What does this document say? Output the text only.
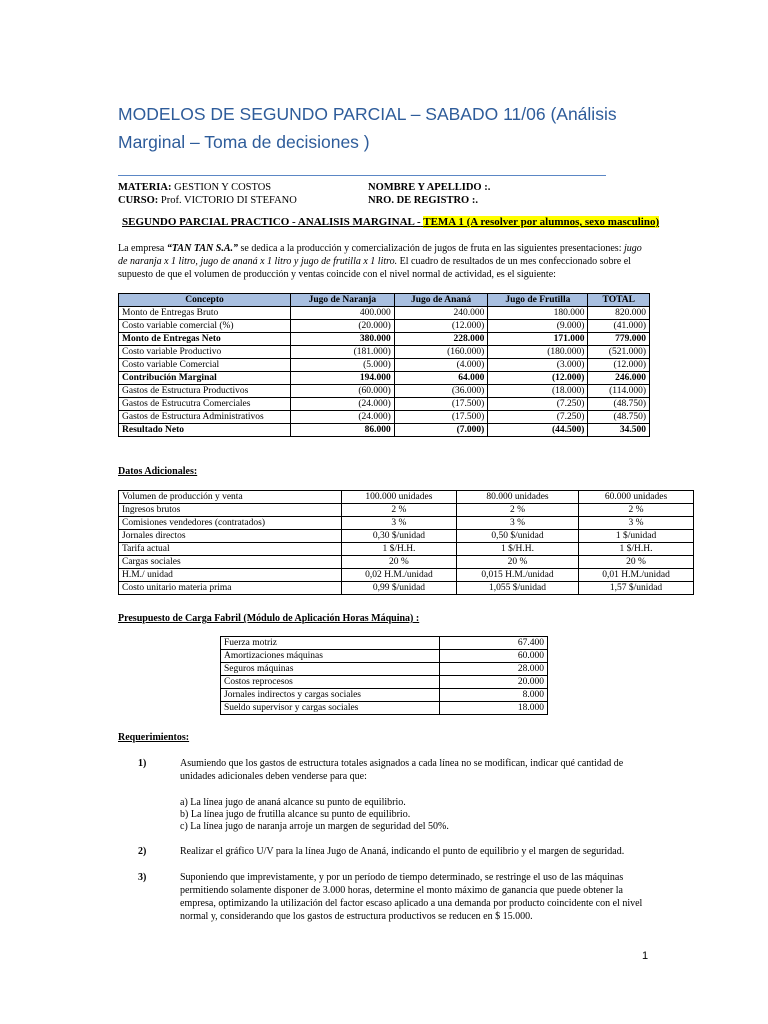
MODELOS DE SEGUNDO PARCIAL – SABADO 11/06 (Análisis Marginal – Toma de decisiones )
MATERIA: GESTION Y COSTOS
CURSO: Prof. VICTORIO DI STEFANO
NOMBRE Y APELLIDO :.
NRO. DE REGISTRO :.
SEGUNDO PARCIAL PRACTICO - ANALISIS MARGINAL - TEMA 1 (A resolver por alumnos, sexo masculino)
La empresa “TAN TAN S.A.” se dedica a la producción y comercialización de jugos de fruta en las siguientes presentaciones: jugo de naranja x 1 litro, jugo de ananá x 1 litro y jugo de frutilla x 1 litro. El cuadro de resultados de un mes confeccionado sobre el supuesto de que el volumen de producción y ventas coincide con el nivel normal de actividad, es el siguiente:
Concepto	Jugo de Naranja	Jugo de Ananá	Jugo de Frutilla	TOTAL
Monto de Entregas Bruto	400.000	240.000	180.000	820.000
Costo variable comercial (%)	(20.000)	(12.000)	(9.000)	(41.000)
Monto de Entregas Neto	380.000	228.000	171.000	779.000
Costo variable Productivo	(181.000)	(160.000)	(180.000)	(521.000)
Costo variable Comercial	(5.000)	(4.000)	(3.000)	(12.000)
Contribución Marginal	194.000	64.000	(12.000)	246.000
Gastos de Estructura Productivos	(60.000)	(36.000)	(18.000)	(114.000)
Gastos de Estrucutra Comerciales	(24.000)	(17.500)	(7.250)	(48.750)
Gastos de Estructura Administrativos	(24.000)	(17.500)	(7.250)	(48.750)
Resultado Neto	86.000	(7.000)	(44.500)	34.500
Datos Adicionales:
Volumen de producción y venta	100.000 unidades	80.000 unidades	60.000 unidades
Ingresos brutos	2 %	2 %	2 %
Comisiones vendedores (contratados)	3 %	3 %	3 %
Jornales directos	0,30 $/unidad	0,50 $/unidad	1 $/unidad
Tarifa actual	1 $/H.H.	1 $/H.H.	1 $/H.H.
Cargas sociales	20 %	20 %	20 %
H.M./ unidad	0,02 H.M./unidad	0,015 H.M./unidad	0,01 H.M./unidad
Costo unitario materia prima	0,99 $/unidad	1,055 $/unidad	1,57 $/unidad
Presupuesto de Carga Fabril (Módulo de Aplicación Horas Máquina) :
Fuerza motriz	67.400
Amortizaciones máquinas	60.000
Seguros máquinas	28.000
Costos reprocesos	20.000
Jornales indirectos y cargas sociales	8.000
Sueldo supervisor y cargas sociales	18.000
Requerimientos:
1)	Asumiendo que los gastos de estructura totales asignados a cada línea no se modifican, indicar qué cantidad de unidades adicionales deben venderse para que:
a) La línea jugo de ananá alcance su punto de equilibrio.
b) La línea jugo de frutilla alcance su punto de equilibrio.
c) La línea jugo de naranja arroje un margen de seguridad del 50%.
2)	Realizar el gráfico U/V para la línea Jugo de Ananá, indicando el punto de equilibrio y el margen de seguridad.
3)	Suponiendo que imprevistamente, y por un período de tiempo determinado, se restringe el uso de las máquinas permitiendo solamente disponer de 3.000 horas, determine el monto máximo de ganancia que puede obtener la empresa, optimizando la utilización del factor escaso aplicado a una demanda por producto coincidente con el nivel normal y, considerando que los gastos de estructura productivos se reducen en $ 15.000.
1
